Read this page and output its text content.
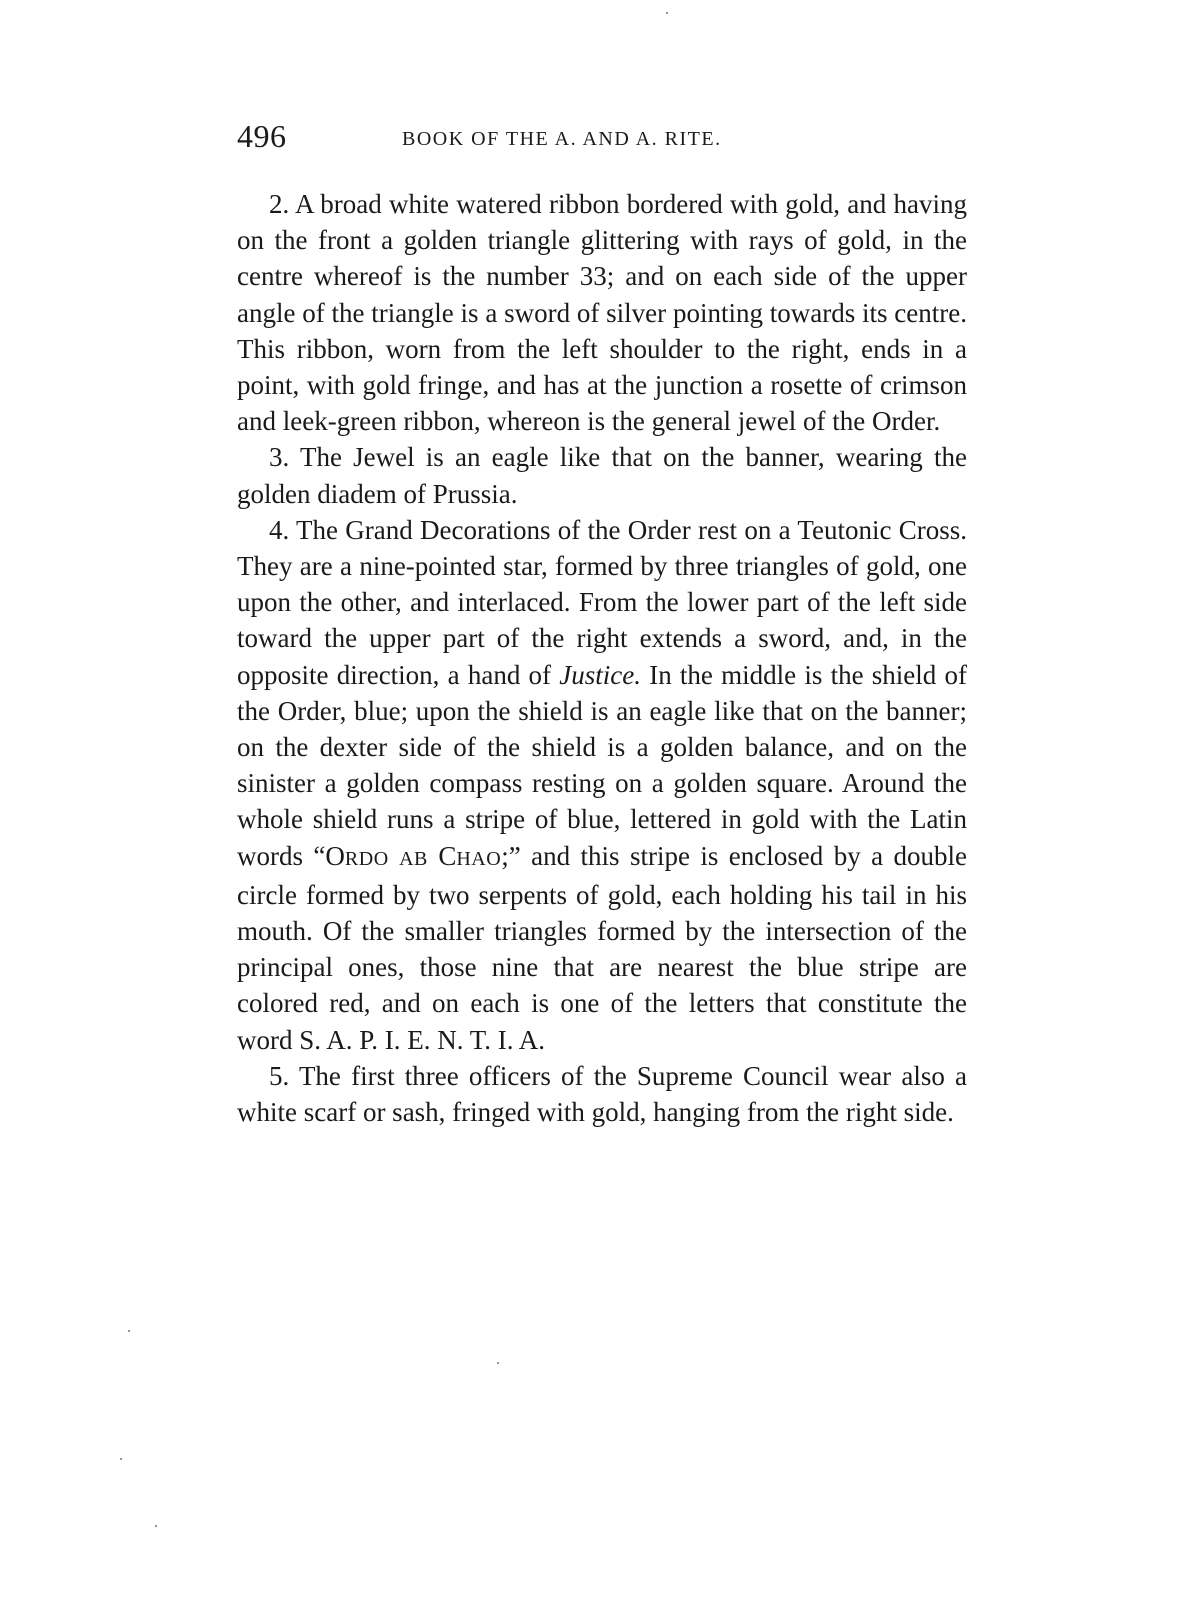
496	BOOK OF THE A. AND A. RITE.

2. A broad white watered ribbon bordered with gold, and having on the front a golden triangle glittering with rays of gold, in the centre whereof is the number 33; and on each side of the upper angle of the triangle is a sword of silver pointing towards its centre. This ribbon, worn from the left shoulder to the right, ends in a point, with gold fringe, and has at the junction a rosette of crimson and leek-green ribbon, whereon is the general jewel of the Order.

3. The Jewel is an eagle like that on the banner, wearing the golden diadem of Prussia.

4. The Grand Decorations of the Order rest on a Teutonic Cross. They are a nine-pointed star, formed by three triangles of gold, one upon the other, and interlaced. From the lower part of the left side toward the upper part of the right extends a sword, and, in the opposite direction, a hand of Justice. In the middle is the shield of the Order, blue; upon the shield is an eagle like that on the banner; on the dexter side of the shield is a golden balance, and on the sinister a golden compass resting on a golden square. Around the whole shield runs a stripe of blue, lettered in gold with the Latin words “ORDO AB CHAO;” and this stripe is enclosed by a double circle formed by two serpents of gold, each holding his tail in his mouth. Of the smaller triangles formed by the intersection of the principal ones, those nine that are nearest the blue stripe are colored red, and on each is one of the letters that constitute the word S. A. P. I. E. N. T. I. A.

5. The first three officers of the Supreme Council wear also a white scarf or sash, fringed with gold, hanging from the right side.
